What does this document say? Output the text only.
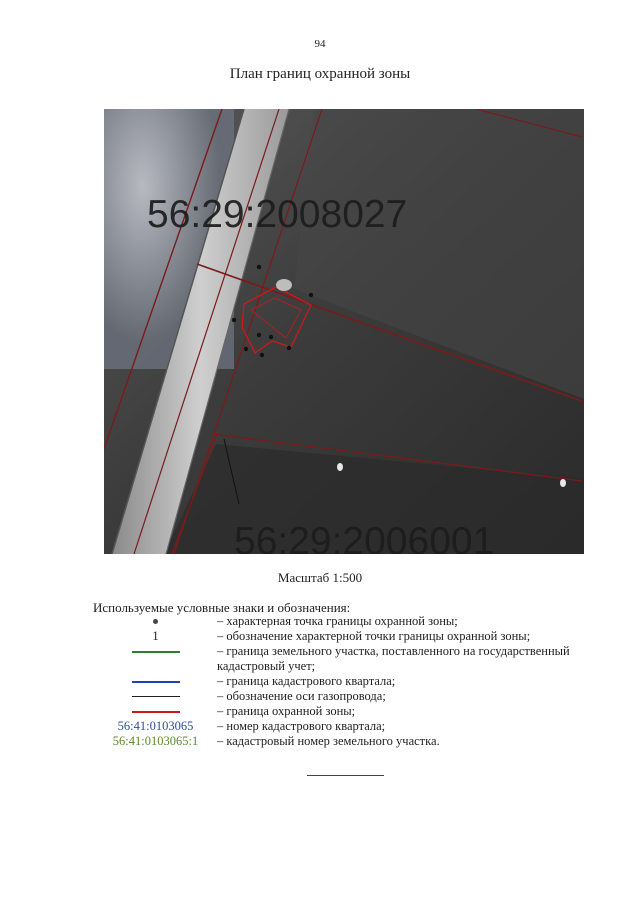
94
План границ охранной зоны
56:29:2008027
56:29:2006001
Масштаб 1:500
Используемые условные знаки и обозначения:
– характерная точка границы охранной зоны;
1	– обозначение характерной точки границы охранной зоны;
– граница земельного участка, поставленного на государственный кадастровый учет;
– граница кадастрового квартала;
– обозначение оси газопровода;
– граница охранной зоны;
56:41:0103065	– номер кадастрового квартала;
56:41:0103065:1	– кадастровый номер земельного участка.
